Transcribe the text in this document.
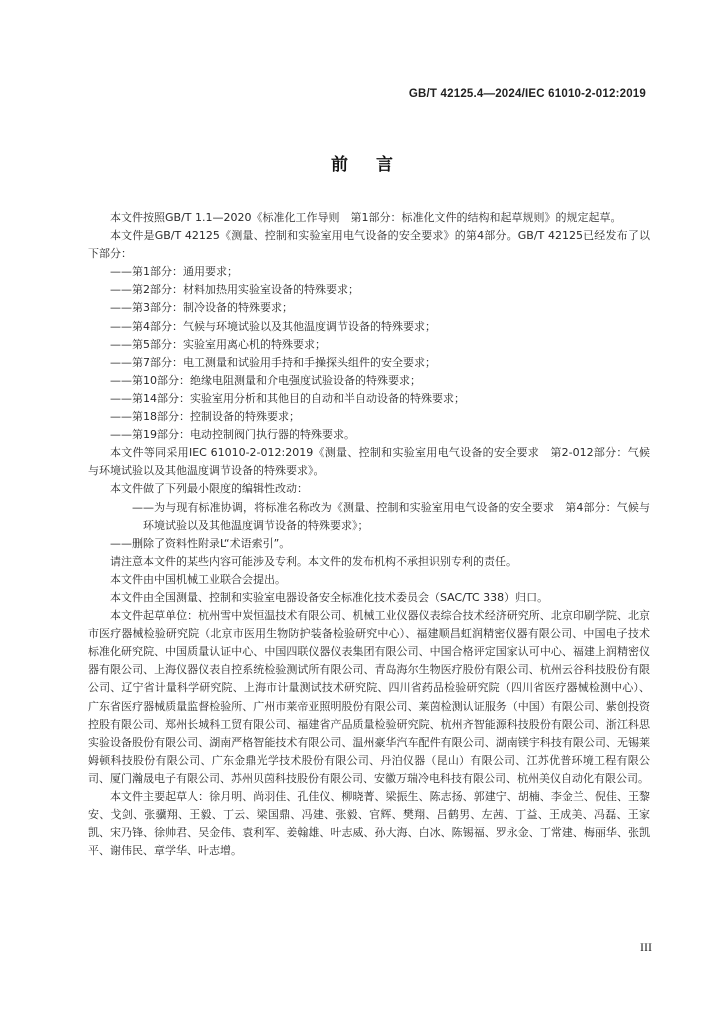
GB/T 42125.4—2024/IEC 61010-2-012:2019
前言

本文件按照GB/T 1.1—2020《标准化工作导则　第1部分：标准化文件的结构和起草规则》的规定起草。

本文件是GB/T 42125《测量、控制和实验室用电气设备的安全要求》的第4部分。GB/T 42125已经发布了以下部分：

——第1部分：通用要求；

——第2部分：材料加热用实验室设备的特殊要求；

——第3部分：制冷设备的特殊要求；

——第4部分：气候与环境试验以及其他温度调节设备的特殊要求；

——第5部分：实验室用离心机的特殊要求；

——第7部分：电工测量和试验用手持和手操探头组件的安全要求；

——第10部分：绝缘电阻测量和介电强度试验设备的特殊要求；

——第14部分：实验室用分析和其他目的自动和半自动设备的特殊要求；

——第18部分：控制设备的特殊要求；

——第19部分：电动控制阀门执行器的特殊要求。

本文件等同采用IEC 61010-2-012:2019《测量、控制和实验室用电气设备的安全要求　第2-012部分：气候与环境试验以及其他温度调节设备的特殊要求》。

本文件做了下列最小限度的编辑性改动：

——为与现有标准协调，将标准名称改为《测量、控制和实验室用电气设备的安全要求　第4部分：气候与环境试验以及其他温度调节设备的特殊要求》；

——删除了资料性附录L“术语索引”。

请注意本文件的某些内容可能涉及专利。本文件的发布机构不承担识别专利的责任。

本文件由中国机械工业联合会提出。

本文件由全国测量、控制和实验室电器设备安全标准化技术委员会（SAC/TC 338）归口。

本文件起草单位：杭州雪中炭恒温技术有限公司、机械工业仪器仪表综合技术经济研究所、北京印刷学院、北京市医疗器械检验研究院（北京市医用生物防护装备检验研究中心）、福建顺昌虹润精密仪器有限公司、中国电子技术标准化研究院、中国质量认证中心、中国四联仪器仪表集团有限公司、中国合格评定国家认可中心、福建上润精密仪器有限公司、上海仪器仪表自控系统检验测试所有限公司、青岛海尔生物医疗股份有限公司、杭州云谷科技股份有限公司、辽宁省计量科学研究院、上海市计量测试技术研究院、四川省药品检验研究院（四川省医疗器械检测中心）、广东省医疗器械质量监督检验所、广州市莱帝亚照明股份有限公司、莱茵检测认证服务（中国）有限公司、紫创投资控股有限公司、郑州长城科工贸有限公司、福建省产品质量检验研究院、杭州齐智能源科技股份有限公司、浙江科思实验设备股份有限公司、湖南严格智能技术有限公司、温州豪华汽车配件有限公司、湖南镁宇科技有限公司、无锡莱姆顿科技股份有限公司、广东金鼎光学技术股份有限公司、丹泊仪器（昆山）有限公司、江苏优普环境工程有限公司、厦门瀚晟电子有限公司、苏州贝茵科技股份有限公司、安徽万瑞冷电科技有限公司、杭州美仪自动化有限公司。

本文件主要起草人：徐月明、尚羽佳、孔佳仪、柳晓菁、梁振生、陈志扬、郭建宁、胡楠、李金兰、倪佳、王黎安、戈剑、张骥翔、王毅、丁云、梁国鼎、冯建、张毅、官辉、樊翔、吕鹤男、左茜、丁益、王成美、冯磊、王家凯、宋乃锋、徐帅君、吴金伟、袁利军、姜翰雄、叶志威、孙大海、白冰、陈锡福、罗永金、丁常建、梅丽华、张凯平、谢伟民、章学华、叶志增。

III
